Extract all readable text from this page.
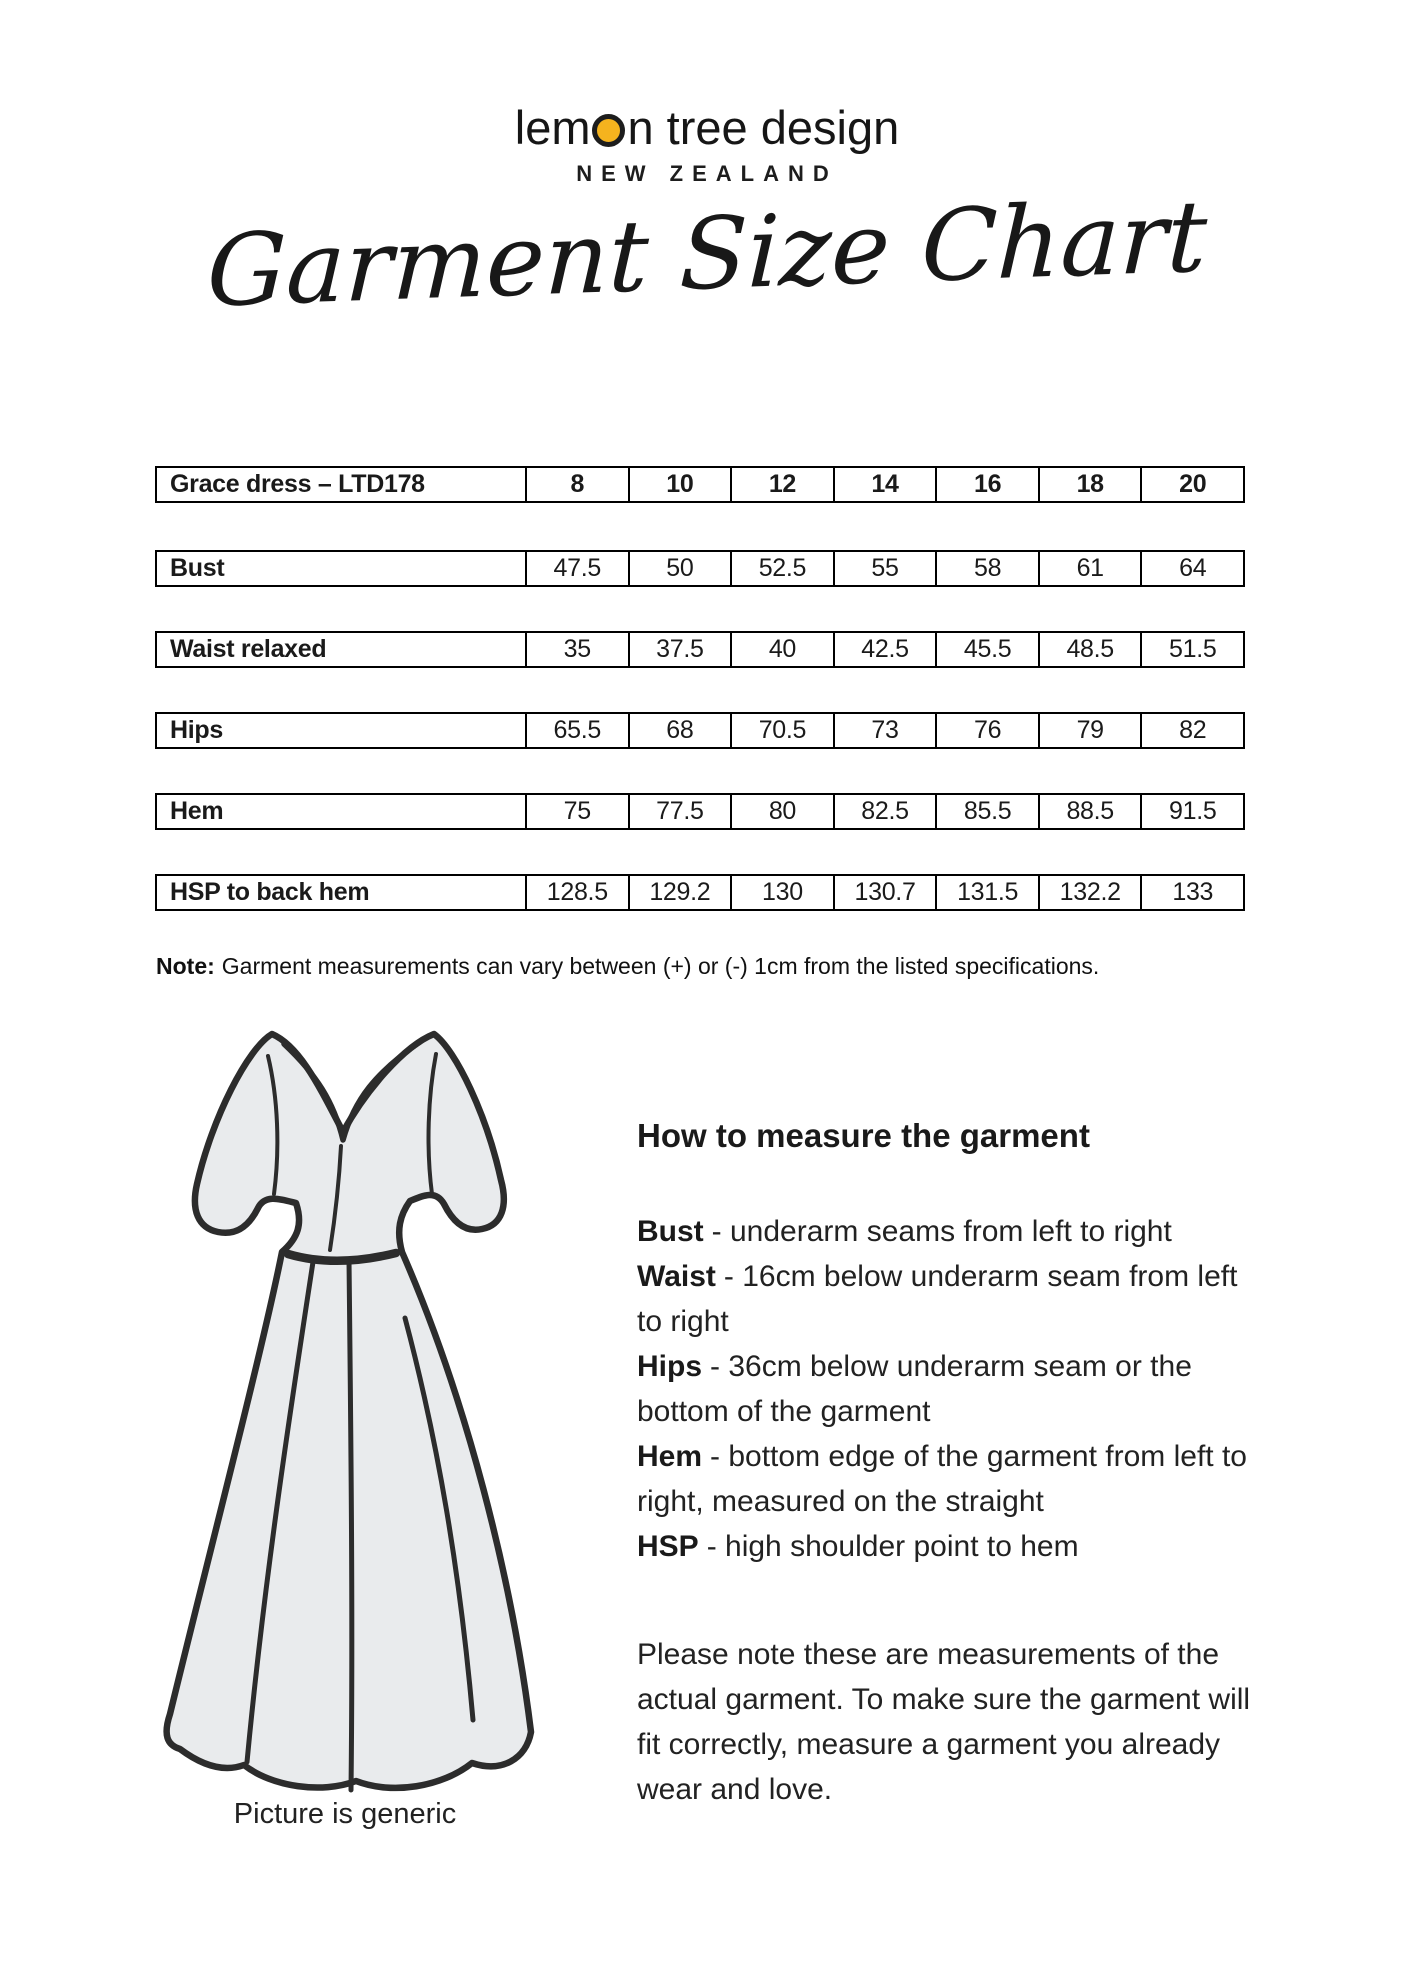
lem n tree design
NEW ZEALAND
Garment Size Chart
Grace dress – LTD178	8	10	12	14	16	18	20
Bust	47.5	50	52.5	55	58	61	64
Waist relaxed	35	37.5	40	42.5	45.5	48.5	51.5
Hips	65.5	68	70.5	73	76	79	82
Hem	75	77.5	80	82.5	85.5	88.5	91.5
HSP to back hem	128.5	129.2	130	130.7	131.5	132.2	133
Note: Garment measurements can vary between (+) or (-) 1cm from the listed specifications.
Picture is generic
How to measure the garment
Bust - underarm seams from left to right
Waist - 16cm below underarm seam from left to right
Hips - 36cm below underarm seam or the bottom of the garment
Hem - bottom edge of the garment from left to right, measured on the straight
HSP - high shoulder point to hem
Please note these are measurements of the actual garment. To make sure the garment will fit correctly, measure a garment you already wear and love.
